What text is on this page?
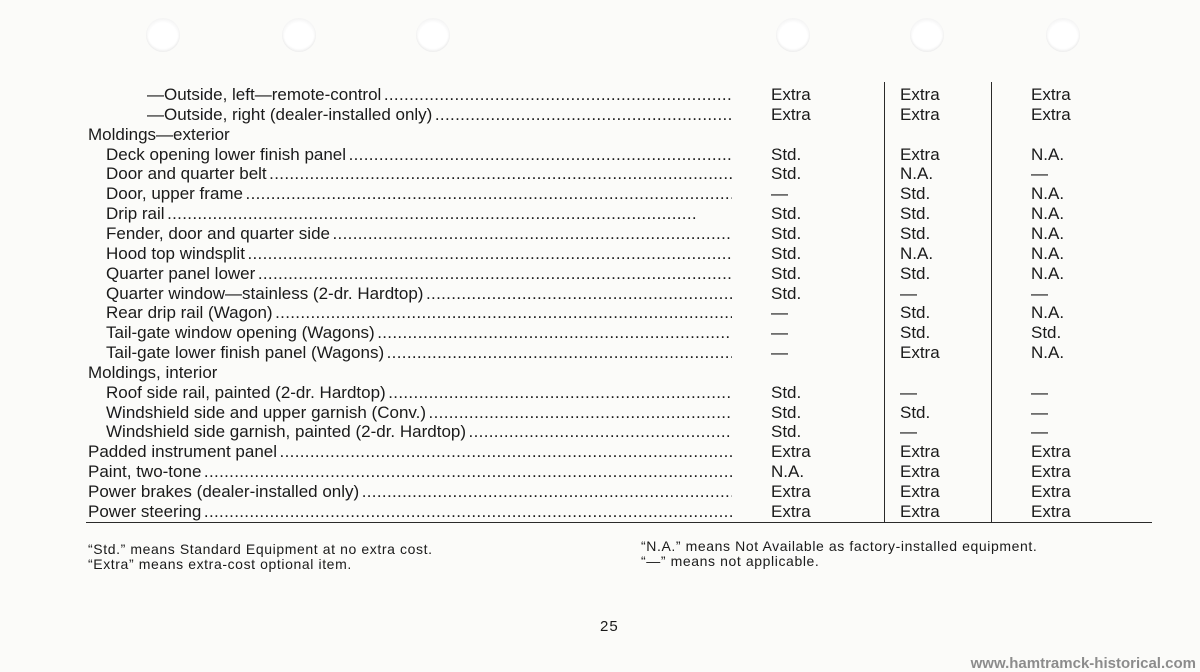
—Outside, left—remote-control . . .	Extra	Extra	Extra
—Outside, right (dealer-installed only) . . .	Extra	Extra	Extra
Moldings—exterior
Deck opening lower finish panel . . .	Std.	Extra	N.A.
Door and quarter belt . . .	Std.	N.A.	—
Door, upper frame . . .	—	Std.	N.A.
Drip rail . . .	Std.	Std.	N.A.
Fender, door and quarter side . . .	Std.	Std.	N.A.
Hood top windsplit . . .	Std.	N.A.	N.A.
Quarter panel lower . . .	Std.	Std.	N.A.
Quarter window—stainless (2-dr. Hardtop) . . .	Std.	—	—
Rear drip rail (Wagon) . . .	—	Std.	N.A.
Tail-gate window opening (Wagons) . . .	—	Std.	Std.
Tail-gate lower finish panel (Wagons) . . .	—	Extra	N.A.
Moldings, interior
Roof side rail, painted (2-dr. Hardtop) . . .	Std.	—	—
Windshield side and upper garnish (Conv.) . . .	Std.	Std.	—
Windshield side garnish, painted (2-dr. Hardtop) . . .	Std.	—	—
Padded instrument panel . . .	Extra	Extra	Extra
Paint, two-tone . . .	N.A.	Extra	Extra
Power brakes (dealer-installed only) . . .	Extra	Extra	Extra
Power steering . . .	Extra	Extra	Extra
“Std.” means Standard Equipment at no extra cost.
“Extra” means extra-cost optional item.
“N.A.” means Not Available as factory-installed equipment.
“—” means not applicable.
25
www.hamtramck-historical.com
